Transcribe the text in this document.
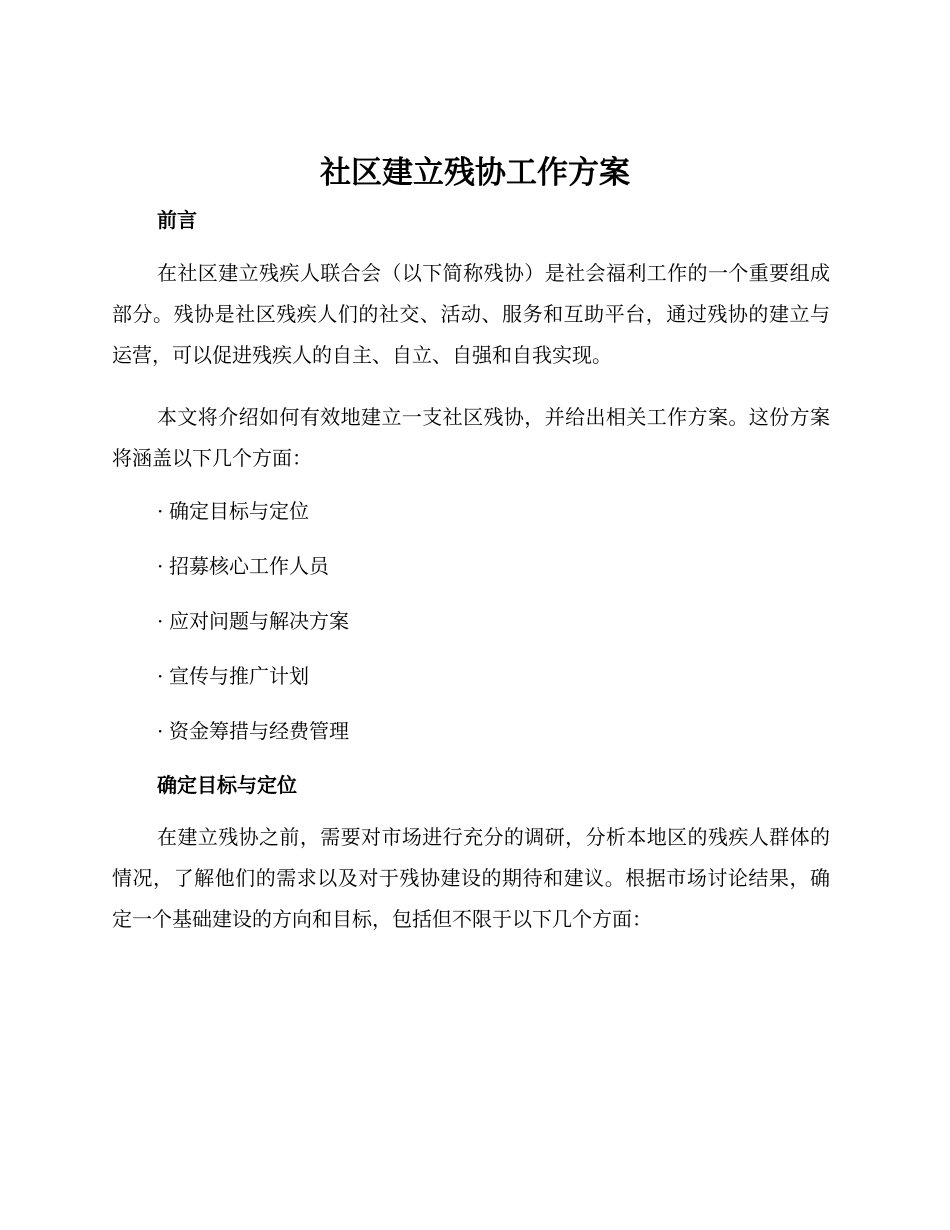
社区建立残协工作方案
前言

在社区建立残疾人联合会（以下简称残协）是社会福利工作的一个重要组成部分。残协是社区残疾人们的社交、活动、服务和互助平台，通过残协的建立与运营，可以促进残疾人的自主、自立、自强和自我实现。

本文将介绍如何有效地建立一支社区残协，并给出相关工作方案。这份方案将涵盖以下几个方面：

· 确定目标与定位
· 招募核心工作人员
· 应对问题与解决方案
· 宣传与推广计划
· 资金筹措与经费管理
确定目标与定位

在建立残协之前，需要对市场进行充分的调研，分析本地区的残疾人群体的情况，了解他们的需求以及对于残协建设的期待和建议。根据市场讨论结果，确定一个基础建设的方向和目标，包括但不限于以下几个方面：
